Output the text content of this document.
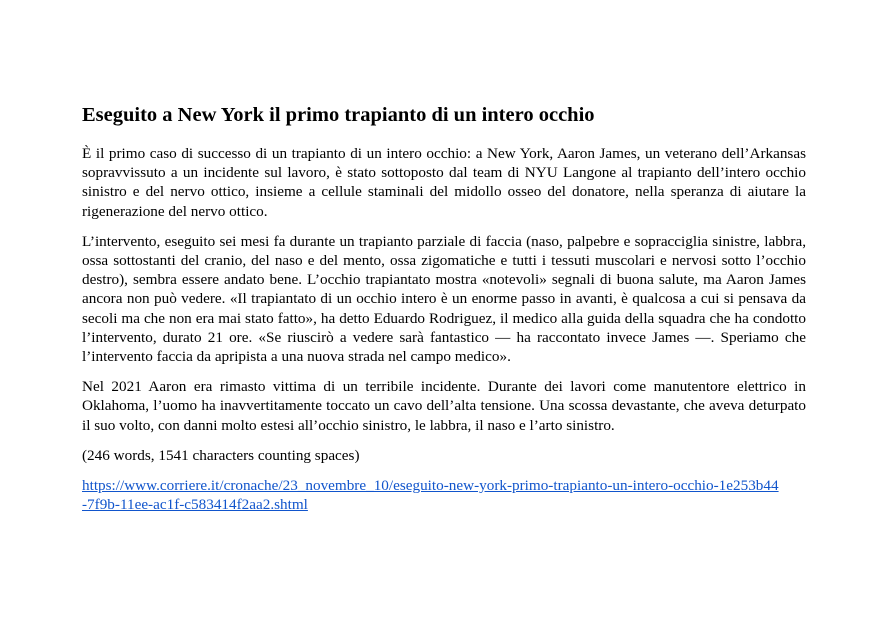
Eseguito a New York il primo trapianto di un intero occhio

È il primo caso di successo di un trapianto di un intero occhio: a New York, Aaron James, un veterano dell’Arkansas sopravvissuto a un incidente sul lavoro, è stato sottoposto dal team di NYU Langone al trapianto dell’intero occhio sinistro e del nervo ottico, insieme a cellule staminali del midollo osseo del donatore, nella speranza di aiutare la rigenerazione del nervo ottico.

L’intervento, eseguito sei mesi fa durante un trapianto parziale di faccia (naso, palpebre e sopracciglia sinistre, labbra, ossa sottostanti del cranio, del naso e del mento, ossa zigomatiche e tutti i tessuti muscolari e nervosi sotto l’occhio destro), sembra essere andato bene. L’occhio trapiantato mostra «notevoli» segnali di buona salute, ma Aaron James ancora non può vedere. «Il trapiantato di un occhio intero è un enorme passo in avanti, è qualcosa a cui si pensava da secoli ma che non era mai stato fatto», ha detto Eduardo Rodriguez, il medico alla guida della squadra che ha condotto l’intervento, durato 21 ore. «Se riuscirò a vedere sarà fantastico — ha raccontato invece James —. Speriamo che l’intervento faccia da apripista a una nuova strada nel campo medico».

Nel 2021 Aaron era rimasto vittima di un terribile incidente. Durante dei lavori come manutentore elettrico in Oklahoma, l’uomo ha inavvertitamente toccato un cavo dell’alta tensione. Una scossa devastante, che aveva deturpato il suo volto, con danni molto estesi all’occhio sinistro, le labbra, il naso e l’arto sinistro.

(246 words, 1541 characters counting spaces)

https://www.corriere.it/cronache/23_novembre_10/eseguito-new-york-primo-trapianto-un-intero-occhio-1e253b44-7f9b-11ee-ac1f-c583414f2aa2.shtml
